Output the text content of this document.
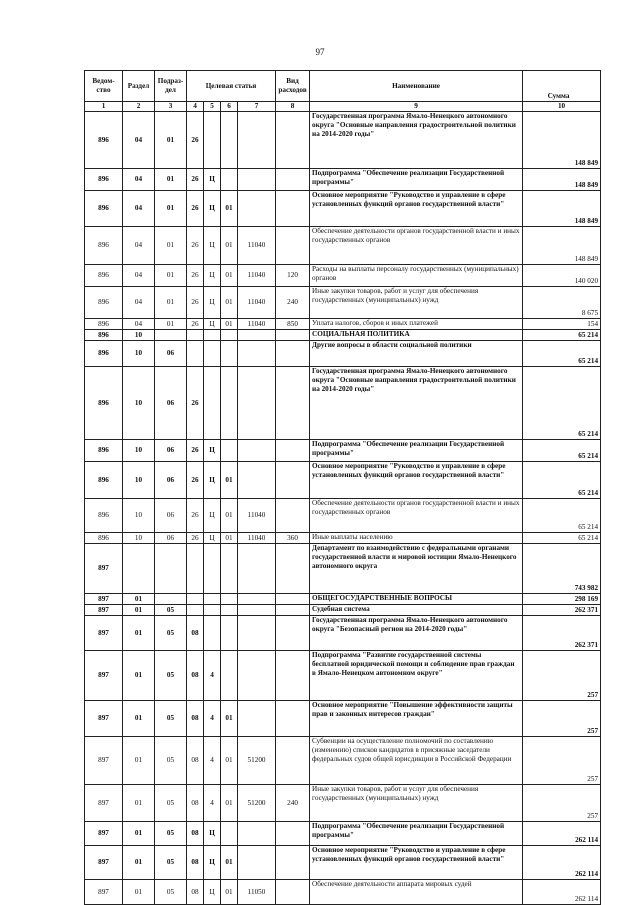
97
Ведом-
ство	Раздел	Подраз-
дел	Целевая статья				Вид
расходов	Наименование	Сумма
1	2	3	4	5	6	7	8	9	10
896	04	01	26					Государственная программа Ямало-Ненецкого автономного округа "Основные направления градостроительной политики на 2014-2020 годы"	148 849
896	04	01	26	Ц				Подпрограмма "Обеспечение реализации Государственной программы"	148 849
896	04	01	26	Ц	01			Основное мероприятие "Руководство и управление в сфере установленных функций органов государственной власти"	148 849
896	04	01	26	Ц	01	11040		Обеспечение деятельности органов государственной власти и иных государственных органов	148 849
896	04	01	26	Ц	01	11040	120	Расходы на выплаты персоналу государственных (муниципальных) органов	140 020
896	04	01	26	Ц	01	11040	240	Иные закупки товаров, работ и услуг для обеспечения государственных (муниципальных) нужд	8 675
896	04	01	26	Ц	01	11040	850	Уплата налогов, сборов и иных платежей	154
896	10							СОЦИАЛЬНАЯ ПОЛИТИКА	65 214
896	10	06						Другие вопросы в области социальной политики	65 214
896	10	06	26					Государственная программа Ямало-Ненецкого автономного округа "Основные направления градостроительной политики на 2014-2020 годы"	65 214
896	10	06	26	Ц				Подпрограмма "Обеспечение реализации Государственной программы"	65 214
896	10	06	26	Ц	01			Основное мероприятие "Руководство и управление в сфере установленных функций органов государственной власти"	65 214
896	10	06	26	Ц	01	11040		Обеспечение деятельности органов государственной власти и иных государственных органов	65 214
896	10	06	26	Ц	01	11040	360	Иные выплаты населению	65 214
897								Департамент по взаимодействию с федеральными органами государственной власти и мировой юстиции Ямало-Ненецкого автономного округа	743 982
897	01							ОБЩЕГОСУДАРСТВЕННЫЕ ВОПРОСЫ	298 169
897	01	05						Судебная система	262 371
897	01	05	08					Государственная программа Ямало-Ненецкого автономного округа "Безопасный регион на 2014-2020 годы"	262 371
897	01	05	08	4				Подпрограмма "Развитие государственной системы бесплатной юридической помощи и соблюдение прав граждан в Ямало-Ненецком автономном округе"	257
897	01	05	08	4	01			Основное мероприятие "Повышение эффективности защиты прав и законных интересов граждан"	257
897	01	05	08	4	01	51200		Субвенции на осуществление полномочий по составлению (изменению) списков кандидатов в присяжные заседатели федеральных судов общей юрисдикции в Российской Федерации	257
897	01	05	08	4	01	51200	240	Иные закупки товаров, работ и услуг для обеспечения государственных (муниципальных) нужд	257
897	01	05	08	Ц				Подпрограмма "Обеспечение реализации Государственной программы"	262 114
897	01	05	08	Ц	01			Основное мероприятие "Руководство и управление в сфере установленных функций органов государственной власти"	262 114
897	01	05	08	Ц	01	11050		Обеспечение деятельности аппарата мировых судей	262 114
